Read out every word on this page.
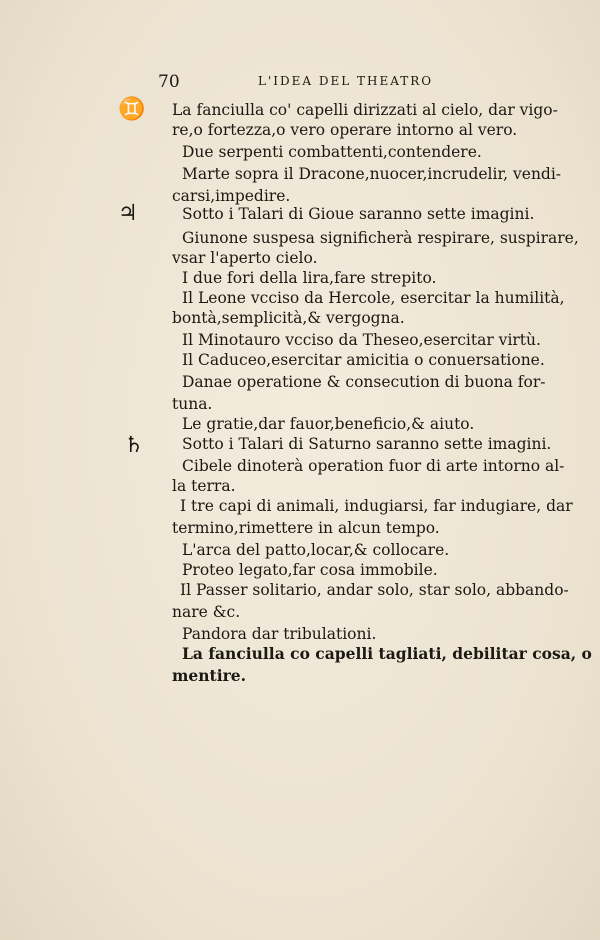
70	L'IDEA DEL THEATRO
♊
♃
♄
La fanciulla co' capelli dirizzati al cielo, dar vigo-
re,o fortezza,o vero operare intorno al vero.
Due serpenti combattenti,contendere.
Marte sopra il Dracone,nuocer,incrudelir, vendi-
carsi,impedire.
Sotto i Talari di Gioue saranno sette imagini.
Giunone suspesa significherà respirare, suspirare,
vsar l'aperto cielo.
I due fori della lira,fare strepito.
Il Leone vcciso da Hercole, esercitar la humilità,
bontà,semplicità,& vergogna.
Il Minotauro vcciso da Theseo,esercitar virtù.
Il Caduceo,esercitar amicitia o conuersatione.
Danae operatione & consecution di buona for-
tuna.
Le gratie,dar fauor,beneficio,& aiuto.
Sotto i Talari di Saturno saranno sette imagini.
Cibele dinoterà operation fuor di arte intorno al-
la terra.
I tre capi di animali, indugiarsi, far indugiare, dar
termino,rimettere in alcun tempo.
L'arca del patto,locar,& collocare.
Proteo legato,far cosa immobile.
Il Passer solitario, andar solo, star solo, abbando-
nare &c.
Pandora dar tribulationi.
La fanciulla co capelli tagliati, debilitar cosa, o
mentire.
